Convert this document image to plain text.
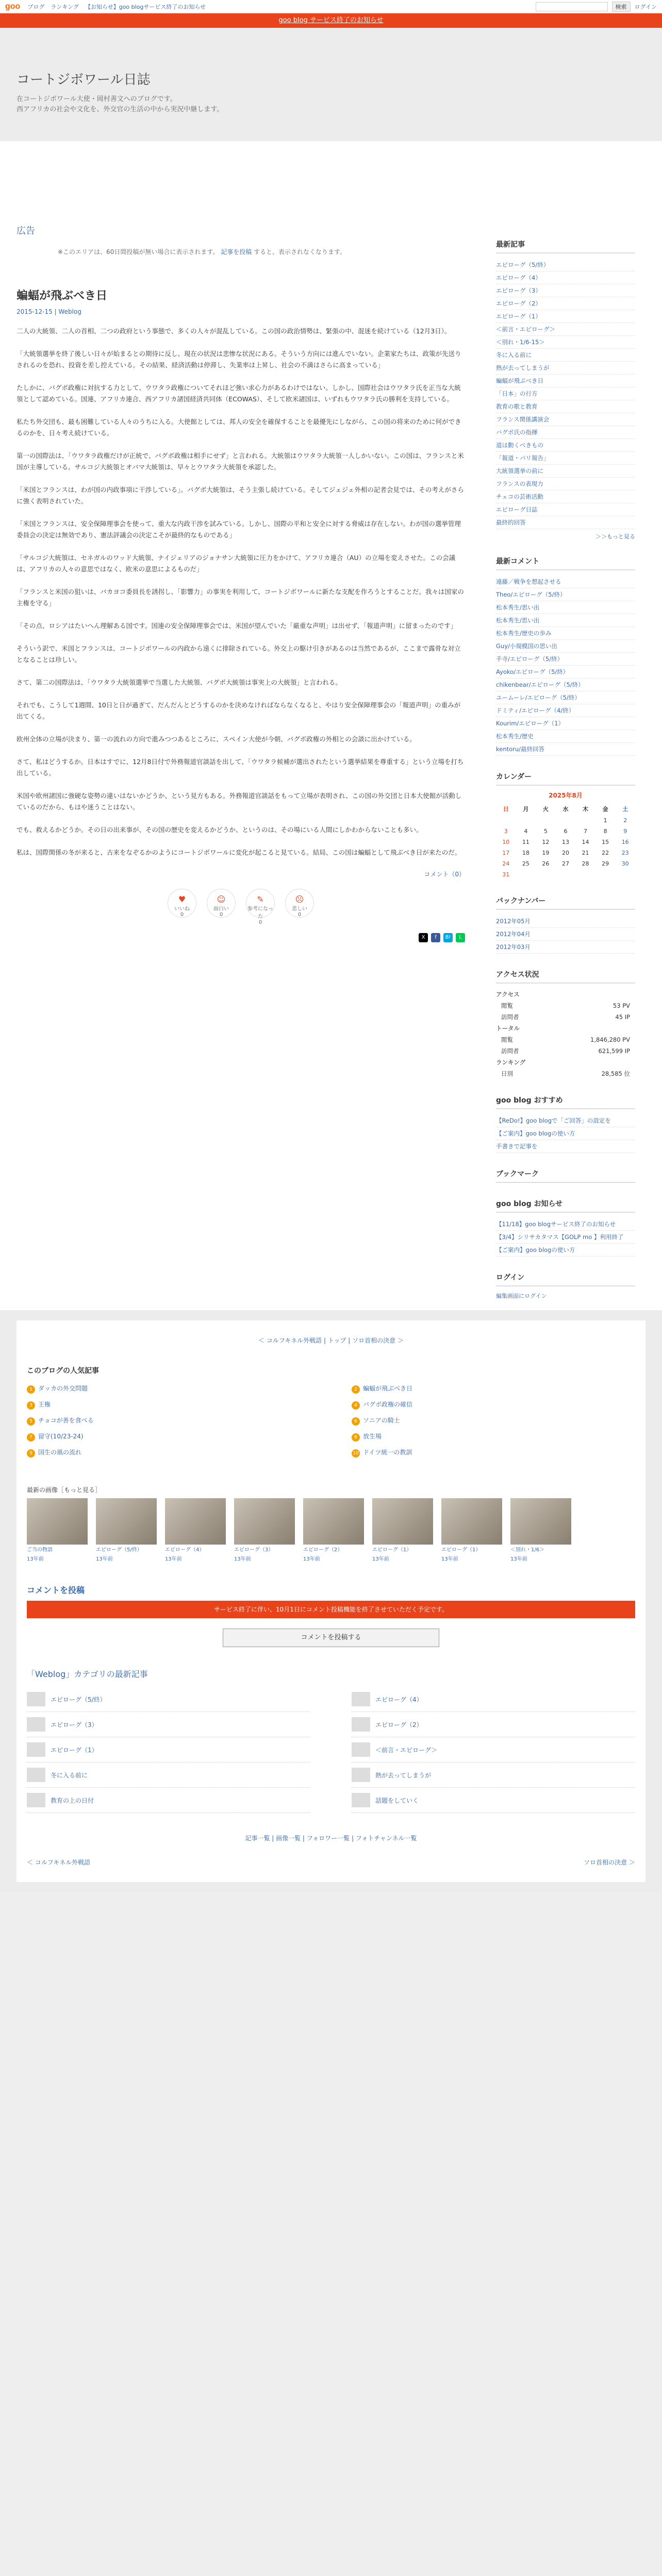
goo ブログ ランキング 【お知らせ】goo blogサービス終了のお知らせ	検索	ログイン
goo blog サービス終了のお知らせ
コートジボワール日誌
在コートジボワール大使・岡村善文へのブログです。
西アフリカの社会や文化を、外交官の生活の中から実況中継します。
広告
※このエリアは、60日間投稿が無い場合に表示されます。 記事を投稿 すると、表示されなくなります。
蝙蝠が飛ぶべき日
2015-12-15 | Weblog

二人の大統領、二人の首相、二つの政府という事態で、多くの人々が混乱している。この国の政治情勢は、緊張の中、混迷を続けている（12月3日）。

「大統領選挙を終了後しい日々が始まるとの期待に反し、現在の状況は悲惨な状況にある。そういう方向には進んでいない。企業家たちは、政策が先送りされるのを恐れ、投資を差し控えている。その結果、経済活動は停滞し、失業率は上昇し、社会の不満はさらに高まっている」

たしかに、バグボ政権に対抗する力として、ウワタラ政権についてそれほど強い求心力があるわけではない。しかし、国際社会はウワタラ氏を正当な大統領として認めている。国連、アフリカ連合、西アフリカ諸国経済共同体（ECOWAS）、そして欧米諸国は、いずれもウワタラ氏の勝利を支持している。

私たち外交団も、最も困難している人々のうちに入る。大使館としては、邦人の安全を確保することを最優先にしながら、この国の将来のために何ができるのかを、日々考え続けている。

第一の国際法は、「ウワタラ政権だけが正統で、バグボ政権は相手にせず」と言われる。大統領はウワタラ大統領一人しかいない。この国は、フランスと米国が主導している。サルコジ大統領とオバマ大統領は、早々とウワタラ大統領を承認した。

「米国とフランスは、わが国の内政事項に干渉している」。バグボ大統領は、そう主張し続けている。そしてジェジェ外相の記者会見では、その考えがさらに強く表明されていた。

「米国とフランスは、安全保障理事会を使って、重大な内政干渉を試みている。しかし、国際の平和と安全に対する脅威は存在しない。わが国の選挙管理委員会の決定は無効であり、憲法評議会の決定こそが最終的なものである」

「サルコジ大統領は、セネガルのワッド大統領、ナイジェリアのジョナサン大統領に圧力をかけて、アフリカ連合（AU）の立場を変えさせた。この会議は、アフリカの人々の意思ではなく、欧米の意思によるものだ」

「フランスと米国の狙いは、バカヨコ委員長を誘拐し、「影響力」の事実を利用して、コートジボワールに新たな支配を作ろうとすることだ。我々は国家の主権を守る」

「その点、ロシアはたいへん理解ある国です。国連の安全保障理事会では、米国が望んでいた「厳重な声明」は出せず、「報道声明」に留まったのです」

そういう訳で、米国とフランスは、コートジボワールの内政から遠くに排除されている。外交上の駆け引きがあるのは当然であるが、ここまで露骨な対立となることは珍しい。

さて、第二の国際法は、「ウワタラ大統領選挙で当選した大統領、バグボ大統領は事実上の大統領」と言われる。

それでも、こうして1週間、10日と日が過ぎて、だんだんとどうするのかを決めなければならなくなると、やはり安全保障理事会の「報道声明」の重みが出てくる。

欧州全体の立場が決まり、第一の流れの方向で進みつつあるところに、スペイン大使が今朝、バグボ政権の外相との会談に出かけている。

さて、私はどうするか。日本はすでに、12月8日付で外務報道官談話を出して、「ウワタラ候補が選出されたという選挙結果を尊重する」という立場を打ち出している。

米国や欧州諸国に強硬な姿勢の違いはないかどうか、という見方もある。外務報道官談話をもって立場が表明され、この国の外交団と日本大使館が活動しているのだから、もはや迷うことはない。

でも、救えるかどうか。その日の出来事が、その国の歴史を変えるかどうか、というのは、その場にいる人間にしかわからないことも多い。

私は、国際関係の冬が来ると、古来をなぞるかのようにコートジボワールに変化が起こると見ている。結局、この国は蝙蝠として飛ぶべき日が来たのだ。

コメント（0）
♥
いいね
0
☺
面白い
0
✎
参考になった
0
☹
悲しい
0
X	f	B!	L
最新記事
エピローグ（5/終）
エピローグ（4）
エピローグ（3）
エピローグ（2）
エピローグ（1）
＜前言・エピローグ＞
＜別れ・1/6-15＞
冬に入る前に
熱が去ってしまうが
蝙蝠が飛ぶべき日
「日本」の行方
教育の歌と教育
フランス関係講演会
バグボ氏の指揮
道は動くべきもの
「報道・パリ報告」
大統領選挙の前に
フランスの表現力
チェコの芸術活動
エピローグ日誌
最終的回答
＞＞もっと見る
最新コメント
遠藤／戦争を想起させる
Theo/エピローグ（5/終）
松本秀生/思い出
松本秀生/思い出
松本秀生/歴史の歩み
Guy/小規模国の思い出
手寺/エピローグ（5/終）
Ayoko/エピローグ（5/終）
chikenbear/エピローグ（5/終）
ユームーレ/エピローグ（5/終）
ドミティ/エピローグ（4/終）
Kourim/エピローグ（1）
松本秀生/歴史
kentoru/最終回答
カレンダー
2025年8月
日	月	火	水	木	金	土
					1	2
3	4	5	6	7	8	9
10	11	12	13	14	15	16
17	18	19	20	21	22	23
24	25	26	27	28	29	30
31						
バックナンバー
2012年05月
2012年04月
2012年03月
アクセス状況
アクセス
閲覧	53 PV
訪問者	45 IP
トータル
閲覧	1,846,280 PV
訪問者	621,599 IP
ランキング
日別	28,585 位
goo blog おすすめ
【ReDo!】goo blogで「ご回答」の設定を
【ご案内】goo blogの使い方
手書きで記事を
ブックマーク
goo blog お知らせ
【11/18】goo blogサービス終了のお知らせ
【3/4】シリサカタマス【GOLP mo 】利用終了
【ご案内】goo blogの使い方
ログイン
編集画面にログイン
＜ コルフキネル外戦語 | トップ | ソロ首相の決意 ＞
このブログの人気記事
1 ダッカの外交問題	2 蝙蝠が飛ぶべき日
3 王権	4 バグボ政権の確信
5 チョコが善を食べる	6 ソニアの騎士
7 留守(10/23-24)	8 放生場
9 国生の風の流れ	10 ドイツ統一の教訓
最新の画像［もっと見る］
ご当の物語
13年前
エピローグ（5/終）
13年前
エピローグ（4）
13年前
エピローグ（3）
13年前
エピローグ（2）
13年前
エピローグ（1）
13年前
エピローグ（1）
13年前
＜別れ・1/6＞
13年前
コメントを投稿
サービス終了に伴い、10月1日にコメント投稿機能を終了させていただく予定です。
コメントを投稿する
「Weblog」カテゴリの最新記事
エピローグ（5/終）	エピローグ（4）
エピローグ（3）	エピローグ（2）
エピローグ（1）	＜前言・エピローグ＞
冬に入る前に	熱が去ってしまうが
教育の上の日付	話題をしていく
記事一覧 | 画像一覧 | フォロワー一覧 | フォトチャンネル一覧
＜ コルフキネル外戦語	ソロ首相の決意 ＞
